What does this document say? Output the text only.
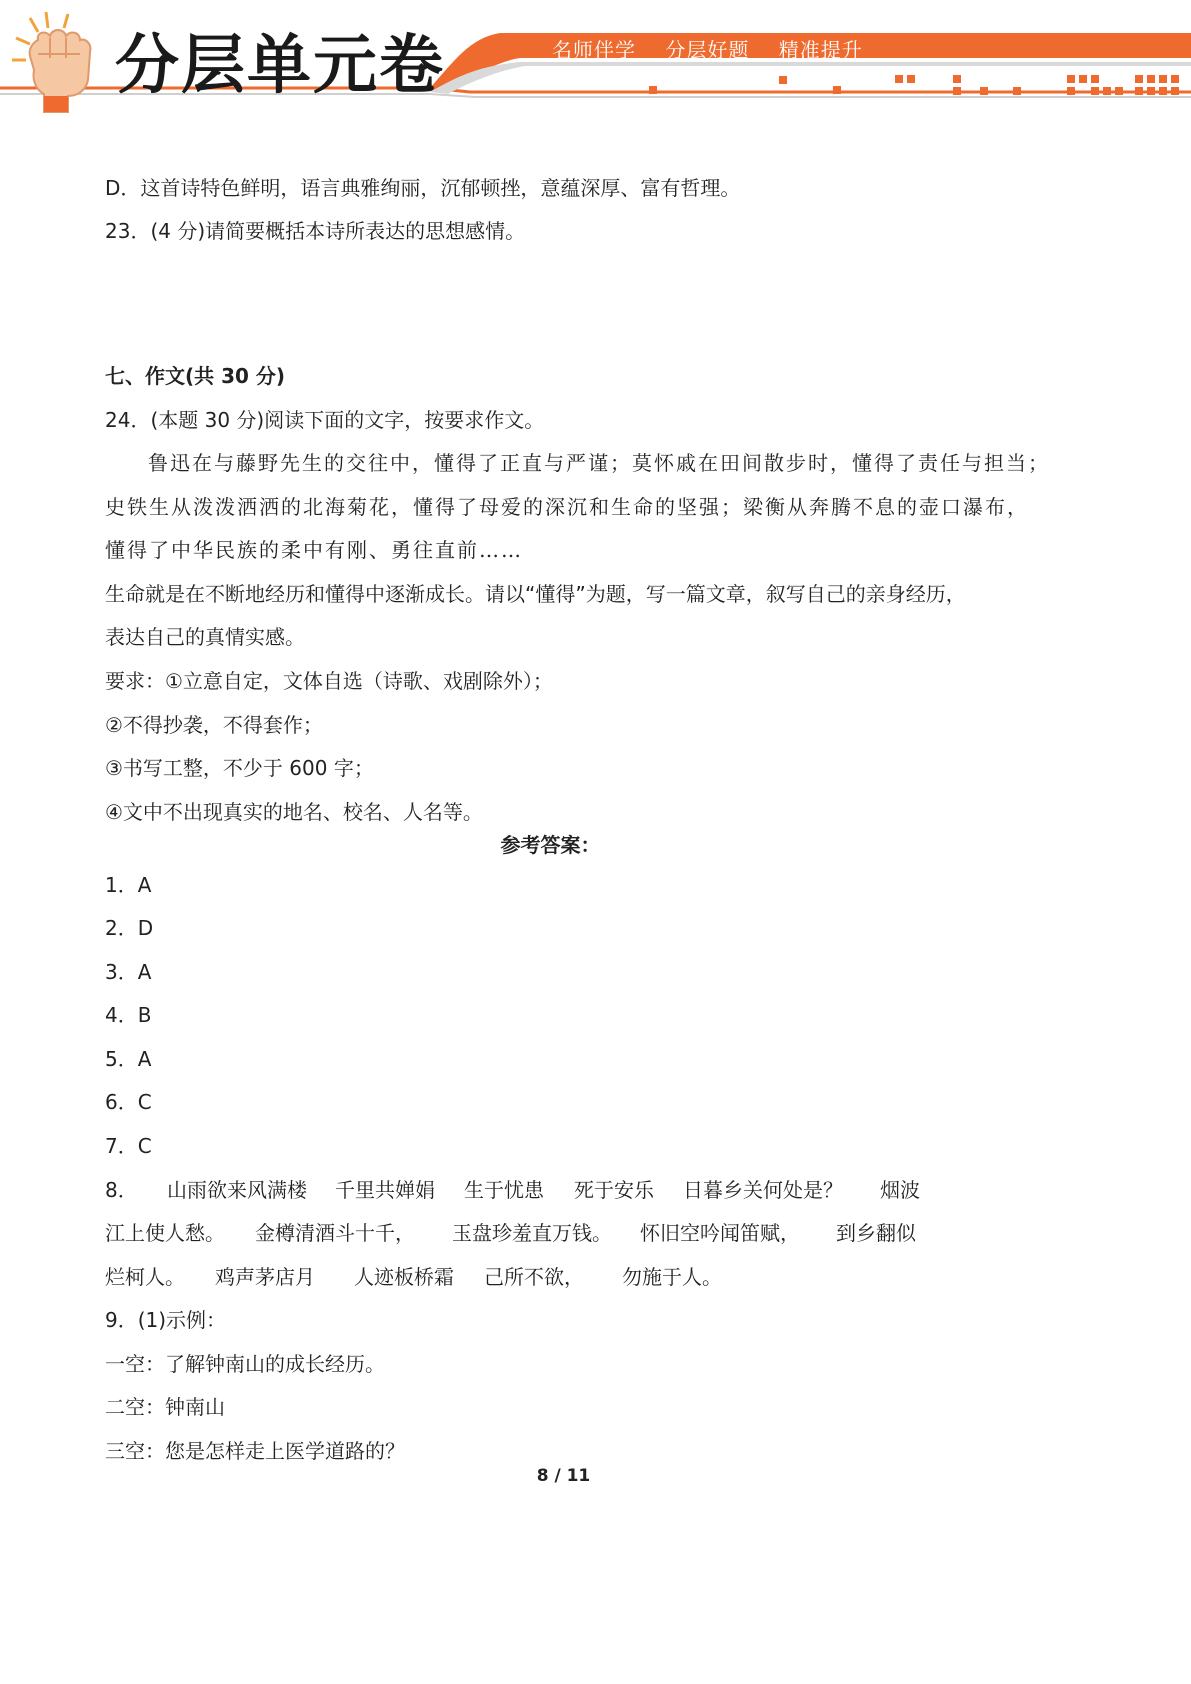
分层单元卷	名师伴学 分层好题 精准提升
D．这首诗特色鲜明，语言典雅绚丽，沉郁顿挫，意蕴深厚、富有哲理。
23．(4 分)请简要概括本诗所表达的思想感情。
七、作文(共 30 分)
24．(本题 30 分)阅读下面的文字，按要求作文。
鲁迅在与藤野先生的交往中，懂得了正直与严谨；莫怀戚在田间散步时，懂得了责任与担当；
史铁生从泼泼洒洒的北海菊花，懂得了母爱的深沉和生命的坚强；梁衡从奔腾不息的壶口瀑布，
懂得了中华民族的柔中有刚、勇往直前……
生命就是在不断地经历和懂得中逐渐成长。请以“懂得”为题，写一篇文章，叙写自己的亲身经历，
表达自己的真情实感。
要求：①立意自定，文体自选（诗歌、戏剧除外）；
②不得抄袭，不得套作；
③书写工整，不少于 600 字；
④文中不出现真实的地名、校名、人名等。
参考答案：
1．A
2．D
3．A
4．B
5．A
6．C
7．C
8． 山雨欲来风满楼 千里共婵娟 生于忧患 死于安乐 日暮乡关何处是？ 烟波
江上使人愁。 金樽清酒斗十千， 玉盘珍羞直万钱。 怀旧空吟闻笛赋， 到乡翻似
烂柯人。 鸡声茅店月 人迹板桥霜 己所不欲， 勿施于人。
9．(1)示例：
一空：了解钟南山的成长经历。
二空：钟南山
三空：您是怎样走上医学道路的？
8 / 11
